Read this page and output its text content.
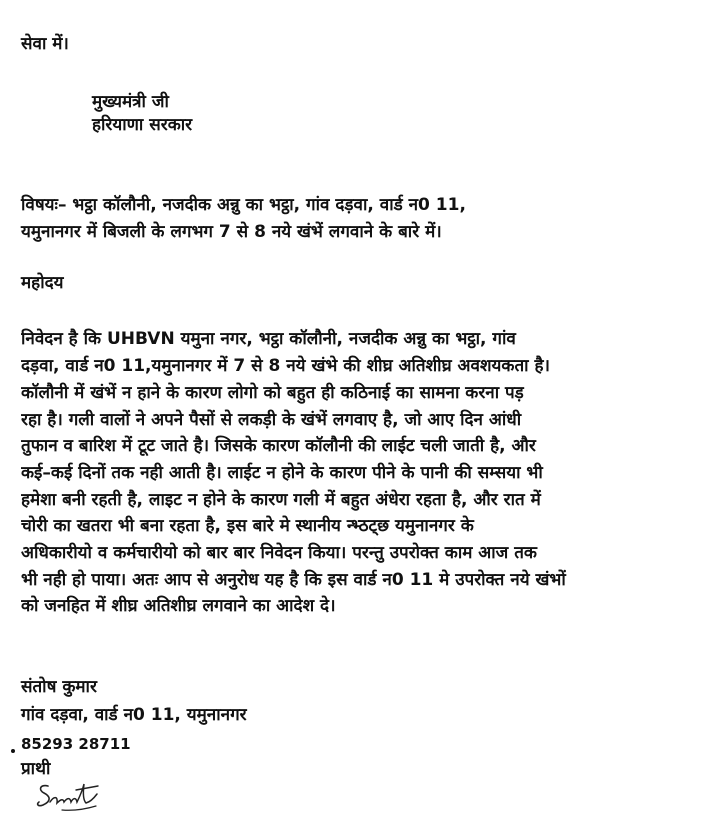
सेवा में।
मुख्यमंत्री जी
हरियाणा सरकार
विषयः– भट्ठा कॉलौनी, नजदीक अन्नु का भट्ठा, गांव दड़वा, वार्ड न0 11,
यमुनानगर में बिजली के लगभग 7 से 8 नये खंभें लगवाने के बारे में।
महोदय
निवेदन है कि UHBVN यमुना नगर, भट्ठा कॉलौनी, नजदीक अन्नु का भट्ठा, गांव
दड़वा, वार्ड न0 11,यमुनानगर में 7 से 8 नये खंभे की शीघ्र अतिशीघ्र अवशयकता है।
कॉलौनी में खंभें न हाने के कारण लोगो को बहुत ही कठिनाई का सामना करना पड़
रहा है। गली वालों ने अपने पैसों से लकड़ी के खंभें लगवाए है, जो आए दिन आंधी
तुफान व बारिश में टूट जाते है। जिसके कारण कॉलौनी की लाईट चली जाती है, और
कई–कई दिनों तक नही आती है। लाईट न होने के कारण पीने के पानी की सम्सया भी
हमेशा बनी रहती है, लाइट न होने के कारण गली में बहुत अंधेरा रहता है, और रात में
चोरी का खतरा भी बना रहता है, इस बारे मे स्थानीय न्भ्ठट्छ यमुनानगर के
अधिकारीयो व कर्मचारीयो को बार बार निवेदन किया। परन्तु उपरोक्त काम आज तक
भी नही हो पाया। अतः आप से अनुरोध यह है कि इस वार्ड न0 11 मे उपरोक्त नये खंभों
को जनहित में शीघ्र अतिशीघ्र लगवाने का आदेश दे।
संतोष कुमार
गांव दड़वा, वार्ड न0 11, यमुनानगर
85293 28711
प्राथी
